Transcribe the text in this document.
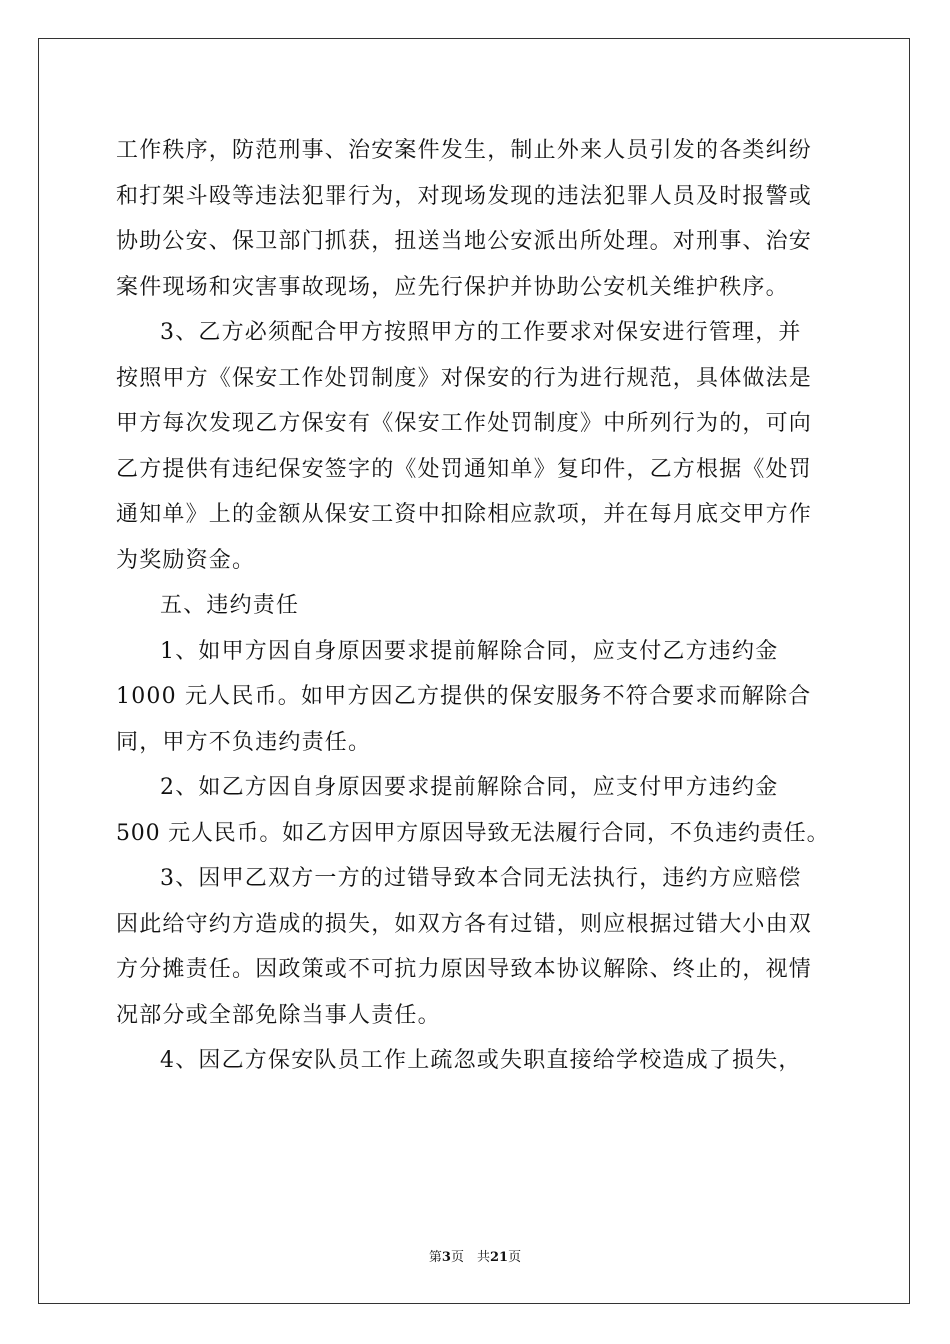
工作秩序，防范刑事、治安案件发生，制止外来人员引发的各类纠纷
和打架斗殴等违法犯罪行为，对现场发现的违法犯罪人员及时报警或
协助公安、保卫部门抓获，扭送当地公安派出所处理。对刑事、治安
案件现场和灾害事故现场，应先行保护并协助公安机关维护秩序。
3、乙方必须配合甲方按照甲方的工作要求对保安进行管理，并
按照甲方《保安工作处罚制度》对保安的行为进行规范，具体做法是
甲方每次发现乙方保安有《保安工作处罚制度》中所列行为的，可向
乙方提供有违纪保安签字的《处罚通知单》复印件，乙方根据《处罚
通知单》上的金额从保安工资中扣除相应款项，并在每月底交甲方作
为奖励资金。
五、违约责任
1、如甲方因自身原因要求提前解除合同，应支付乙方违约金
1000 元人民币。如甲方因乙方提供的保安服务不符合要求而解除合
同，甲方不负违约责任。
2、如乙方因自身原因要求提前解除合同，应支付甲方违约金
500 元人民币。如乙方因甲方原因导致无法履行合同，不负违约责任。
3、因甲乙双方一方的过错导致本合同无法执行，违约方应赔偿
因此给守约方造成的损失，如双方各有过错，则应根据过错大小由双
方分摊责任。因政策或不可抗力原因导致本协议解除、终止的，视情
况部分或全部免除当事人责任。
4、因乙方保安队员工作上疏忽或失职直接给学校造成了损失，
第3页　共21页
